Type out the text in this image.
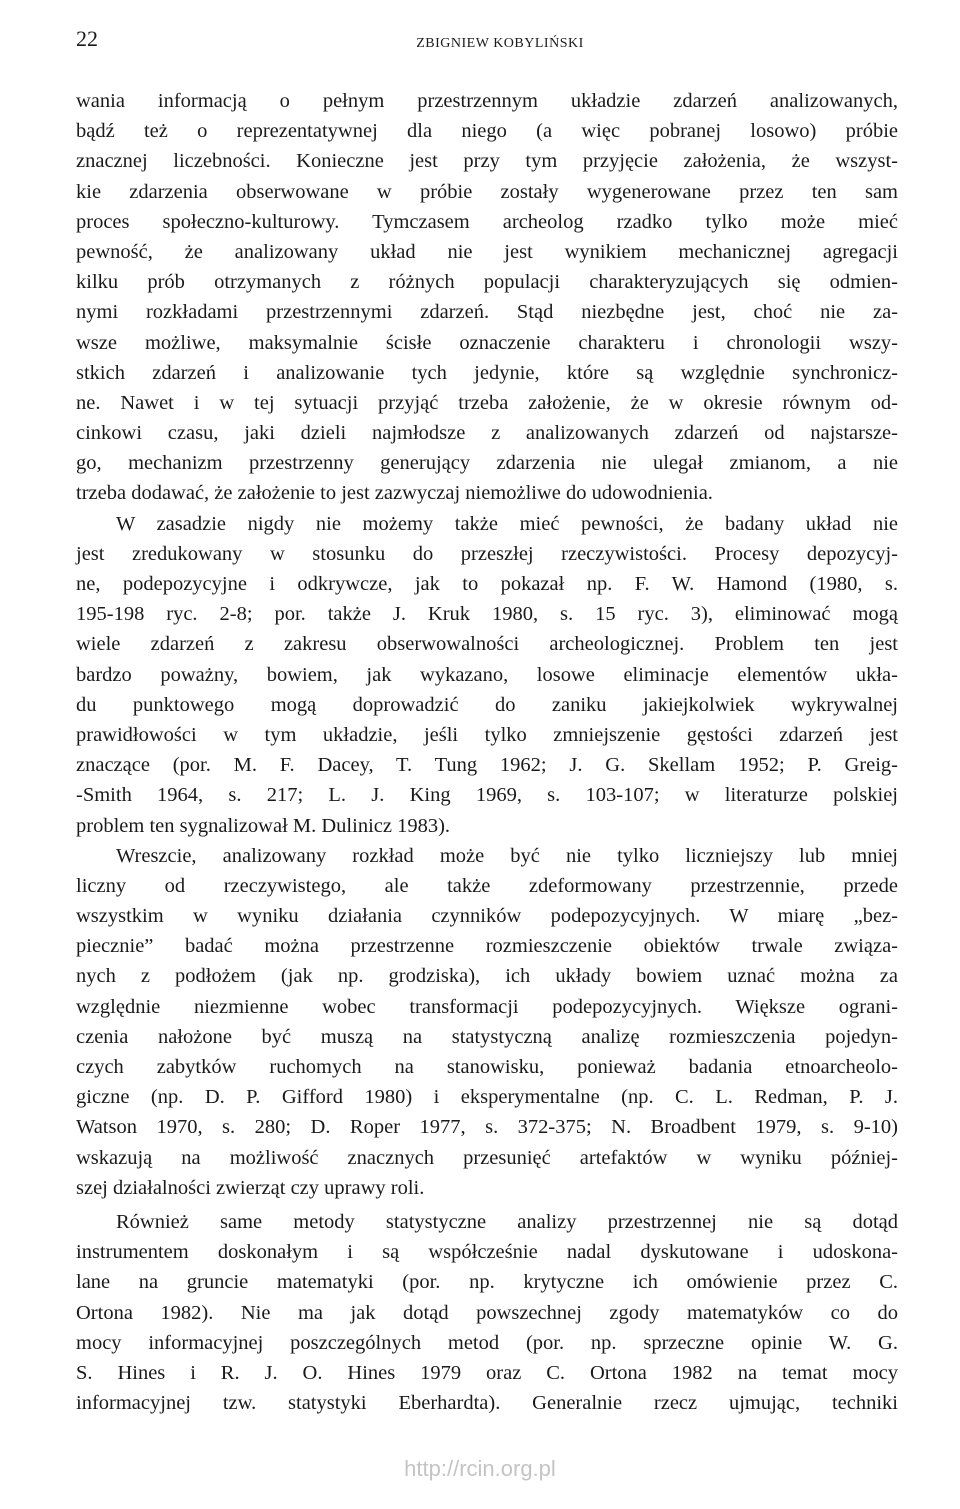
22	ZBIGNIEW KOBYLIŃSKI
wania informacją o pełnym przestrzennym układzie zdarzeń analizowanych,
bądź też o reprezentatywnej dla niego (a więc pobranej losowo) próbie
znacznej liczebności. Konieczne jest przy tym przyjęcie założenia, że wszyst-
kie zdarzenia obserwowane w próbie zostały wygenerowane przez ten sam
proces społeczno-kulturowy. Tymczasem archeolog rzadko tylko może mieć
pewność, że analizowany układ nie jest wynikiem mechanicznej agregacji
kilku prób otrzymanych z różnych populacji charakteryzujących się odmien-
nymi rozkładami przestrzennymi zdarzeń. Stąd niezbędne jest, choć nie za-
wsze możliwe, maksymalnie ścisłe oznaczenie charakteru i chronologii wszy-
stkich zdarzeń i analizowanie tych jedynie, które są względnie synchronicz-
ne. Nawet i w tej sytuacji przyjąć trzeba założenie, że w okresie równym od-
cinkowi czasu, jaki dzieli najmłodsze z analizowanych zdarzeń od najstarsze-
go, mechanizm przestrzenny generujący zdarzenia nie ulegał zmianom, a nie
trzeba dodawać, że założenie to jest zazwyczaj niemożliwe do udowodnienia.
W zasadzie nigdy nie możemy także mieć pewności, że badany układ nie
jest zredukowany w stosunku do przeszłej rzeczywistości. Procesy depozycyj-
ne, podepozycyjne i odkrywcze, jak to pokazał np. F. W. Hamond (1980, s.
195-198 ryc. 2-8; por. także J. Kruk 1980, s. 15 ryc. 3), eliminować mogą
wiele zdarzeń z zakresu obserwowalności archeologicznej. Problem ten jest
bardzo poważny, bowiem, jak wykazano, losowe eliminacje elementów ukła-
du punktowego mogą doprowadzić do zaniku jakiejkolwiek wykrywalnej
prawidłowości w tym układzie, jeśli tylko zmniejszenie gęstości zdarzeń jest
znaczące (por. M. F. Dacey, T. Tung 1962; J. G. Skellam 1952; P. Greig-
-Smith 1964, s. 217; L. J. King 1969, s. 103-107; w literaturze polskiej
problem ten sygnalizował M. Dulinicz 1983).
Wreszcie, analizowany rozkład może być nie tylko liczniejszy lub mniej
liczny od rzeczywistego, ale także zdeformowany przestrzennie, przede
wszystkim w wyniku działania czynników podepozycyjnych. W miarę „bez-
piecznie” badać można przestrzenne rozmieszczenie obiektów trwale związa-
nych z podłożem (jak np. grodziska), ich układy bowiem uznać można za
względnie niezmienne wobec transformacji podepozycyjnych. Większe ograni-
czenia nałożone być muszą na statystyczną analizę rozmieszczenia pojedyn-
czych zabytków ruchomych na stanowisku, ponieważ badania etnoarcheolo-
giczne (np. D. P. Gifford 1980) i eksperymentalne (np. C. L. Redman, P. J.
Watson 1970, s. 280; D. Roper 1977, s. 372-375; N. Broadbent 1979, s. 9-10)
wskazują na możliwość znacznych przesunięć artefaktów w wyniku później-
szej działalności zwierząt czy uprawy roli.
Również same metody statystyczne analizy przestrzennej nie są dotąd
instrumentem doskonałym i są współcześnie nadal dyskutowane i udoskona-
lane na gruncie matematyki (por. np. krytyczne ich omówienie przez C.
Ortona 1982). Nie ma jak dotąd powszechnej zgody matematyków co do
mocy informacyjnej poszczególnych metod (por. np. sprzeczne opinie W. G.
S. Hines i R. J. O. Hines 1979 oraz C. Ortona 1982 na temat mocy
informacyjnej tzw. statystyki Eberhardta). Generalnie rzecz ujmując, techniki
http://rcin.org.pl
